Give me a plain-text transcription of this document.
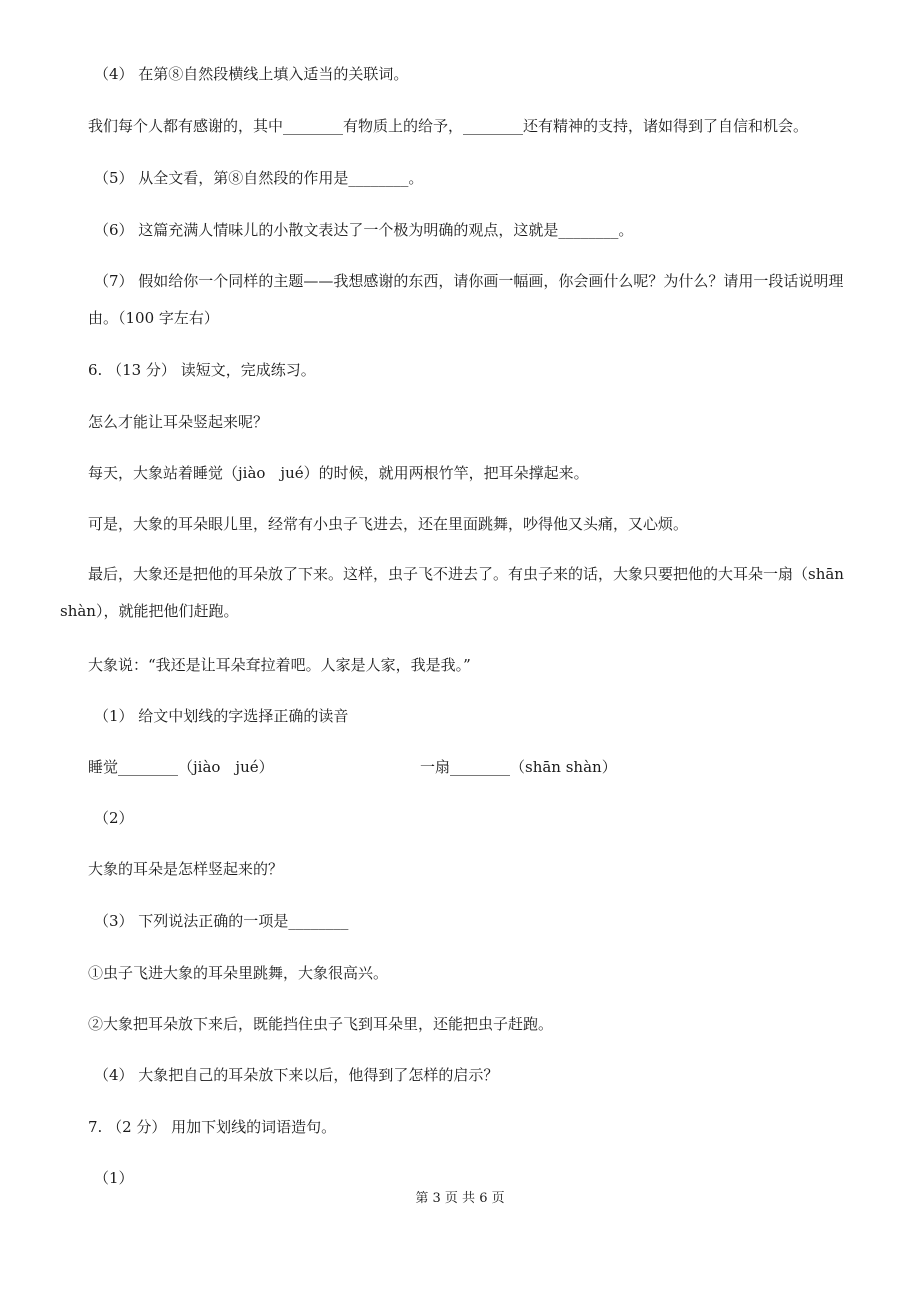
（4） 在第⑧自然段横线上填入适当的关联词。
我们每个人都有感谢的，其中________有物质上的给予，________还有精神的支持，诸如得到了自信和机会。
（5） 从全文看，第⑧自然段的作用是________。
（6） 这篇充满人情味儿的小散文表达了一个极为明确的观点，这就是________。
（7） 假如给你一个同样的主题——我想感谢的东西，请你画一幅画，你会画什么呢？为什么？请用一段话说明理由。（100 字左右）
6. （13 分） 读短文，完成练习。
怎么才能让耳朵竖起来呢？
每天，大象站着睡觉（jiào　jué）的时候，就用两根竹竿，把耳朵撑起来。
可是，大象的耳朵眼儿里，经常有小虫子飞进去，还在里面跳舞，吵得他又头痛，又心烦。
最后，大象还是把他的耳朵放了下来。这样，虫子飞不进去了。有虫子来的话，大象只要把他的大耳朵一扇（shān shàn），就能把他们赶跑。
大象说：“我还是让耳朵耷拉着吧。人家是人家，我是我。”
（1） 给文中划线的字选择正确的读音
睡觉________（jiào　jué）	一扇________（shān shàn）
（2）
大象的耳朵是怎样竖起来的？
（3） 下列说法正确的一项是________
①虫子飞进大象的耳朵里跳舞，大象很高兴。
②大象把耳朵放下来后，既能挡住虫子飞到耳朵里，还能把虫子赶跑。
（4） 大象把自己的耳朵放下来以后，他得到了怎样的启示？
7. （2 分） 用加下划线的词语造句。
（1）
第 3 页 共 6 页
